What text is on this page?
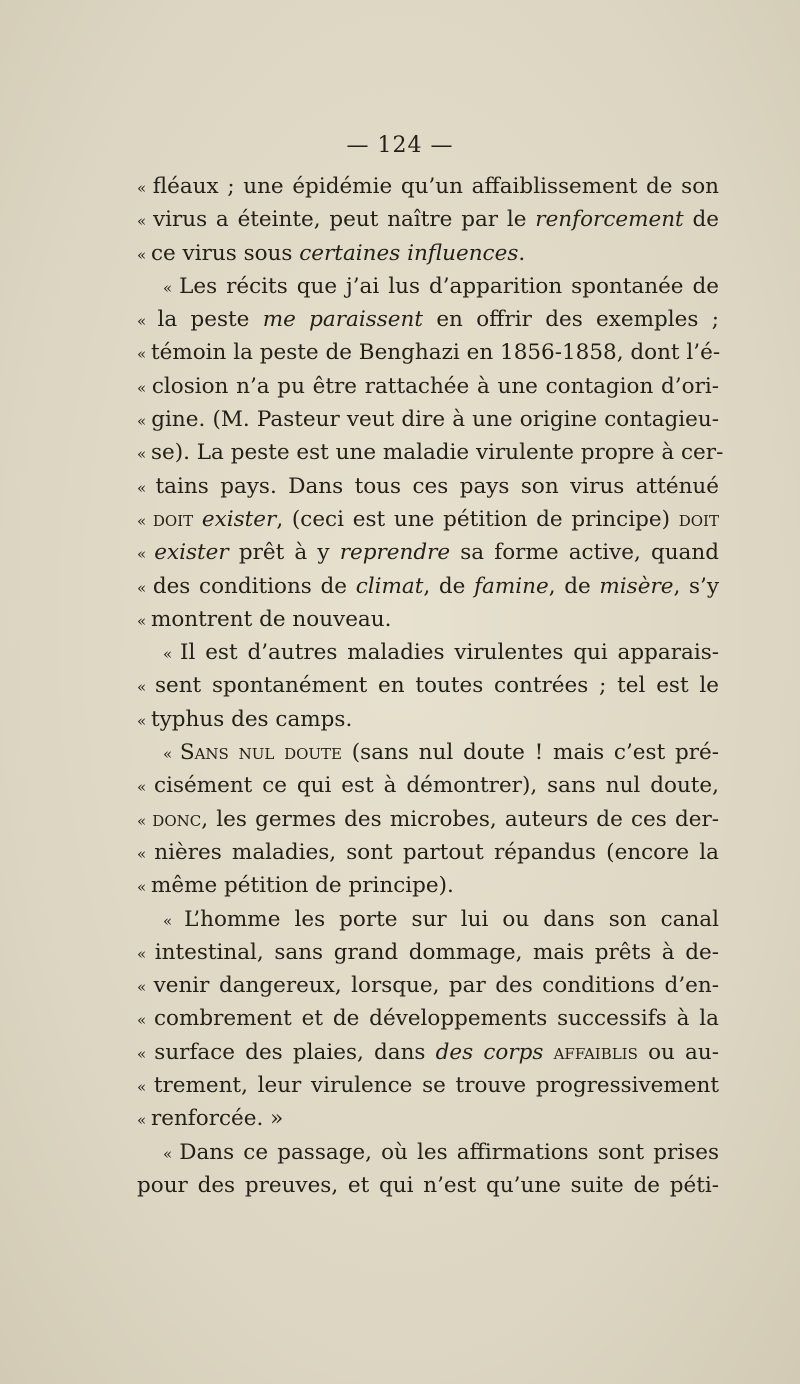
— 124 —
« fléaux ; une épidémie qu’un affaiblissement de son
« virus a éteinte, peut naître par le renforcement de
« ce virus sous certaines influences.
« Les récits que j’ai lus d’apparition spontanée de
« la peste me paraissent en offrir des exemples ;
« témoin la peste de Benghazi en 1856-1858, dont l’é-
« closion n’a pu être rattachée à une contagion d’ori-
« gine. (M. Pasteur veut dire à une origine contagieu-
« se). La peste est une maladie virulente propre à cer-
« tains pays. Dans tous ces pays son virus atténué
« doit exister, (ceci est une pétition de principe) doit
« exister prêt à y reprendre sa forme active, quand
« des conditions de climat, de famine, de misère, s’y
« montrent de nouveau.
« Il est d’autres maladies virulentes qui apparais-
« sent spontanément en toutes contrées ; tel est le
« typhus des camps.
« Sans nul doute (sans nul doute ! mais c’est pré-
« cisément ce qui est à démontrer), sans nul doute,
« donc, les germes des microbes, auteurs de ces der-
« nières maladies, sont partout répandus (encore la
« même pétition de principe).
« L’homme les porte sur lui ou dans son canal
« intestinal, sans grand dommage, mais prêts à de-
« venir dangereux, lorsque, par des conditions d’en-
« combrement et de développements successifs à la
« surface des plaies, dans des corps affaiblis ou au-
« trement, leur virulence se trouve progressivement
« renforcée. »
« Dans ce passage, où les affirmations sont prises
pour des preuves, et qui n’est qu’une suite de péti-
